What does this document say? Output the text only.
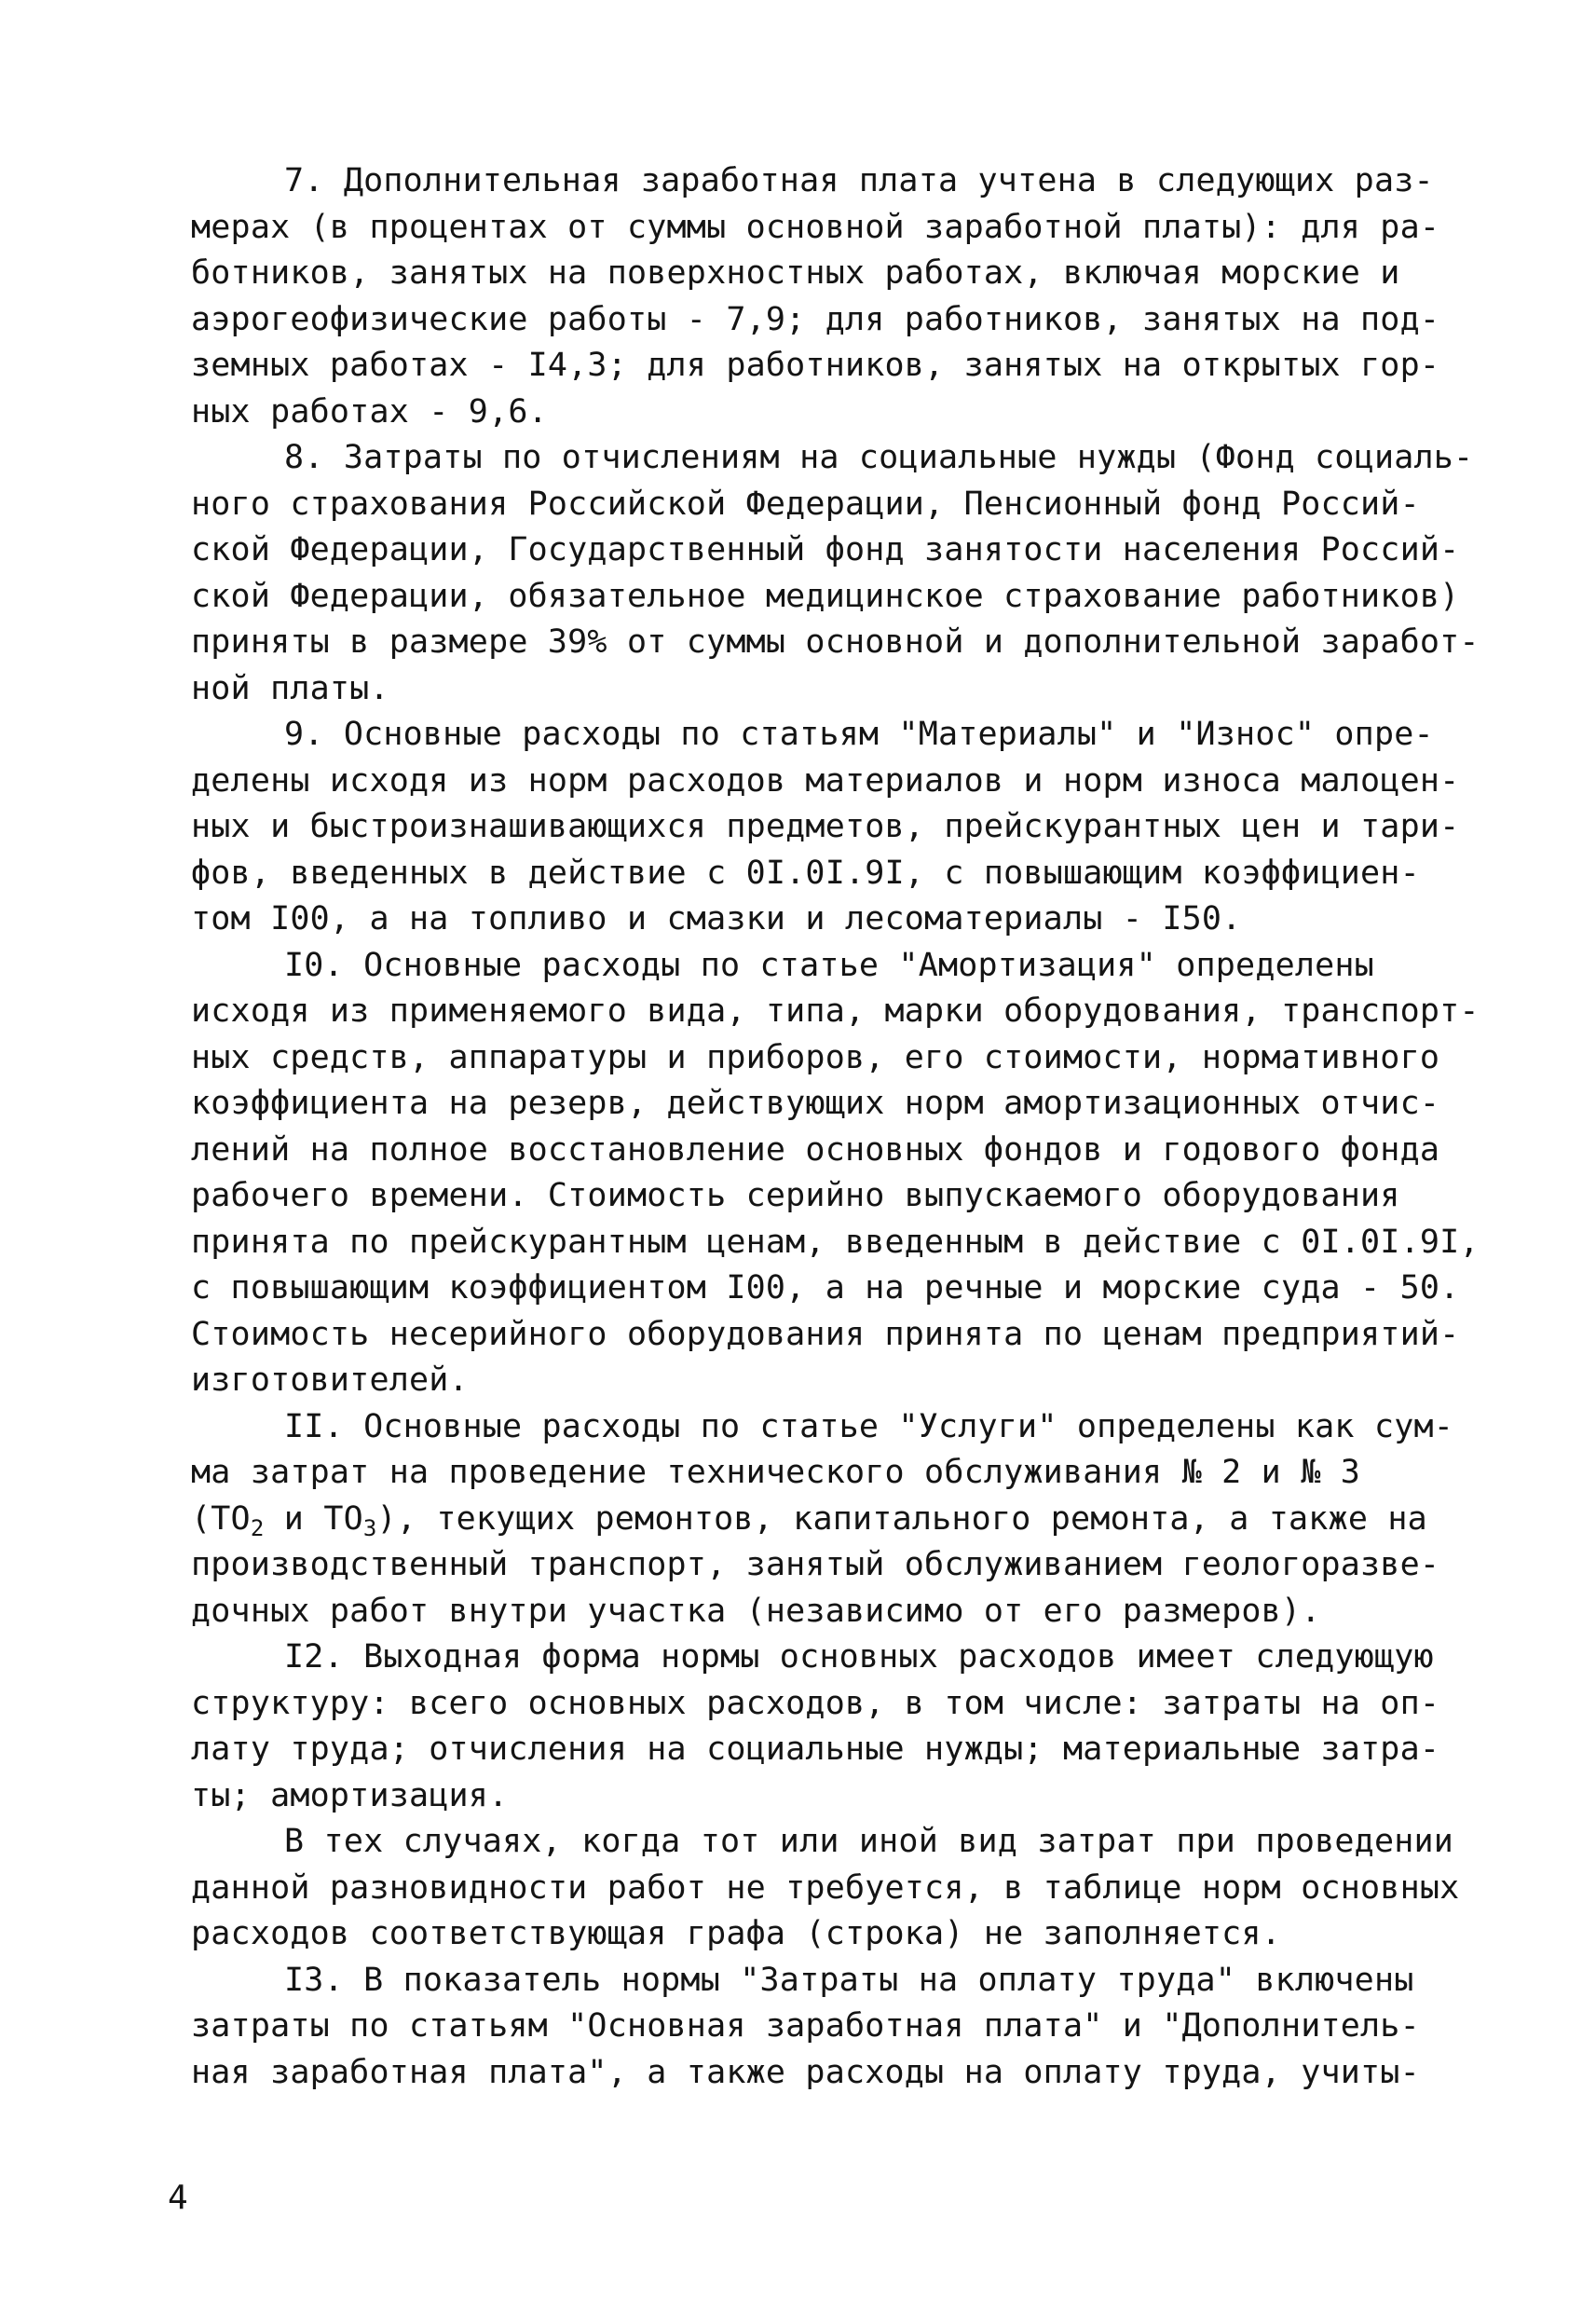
7. Дополнительная заработная плата учтена в следующих раз-
мерах (в процентах от суммы основной заработной платы): для ра-
ботников, занятых на поверхностных работах, включая морские и
аэрогеофизические работы - 7,9; для работников, занятых на под-
земных работах - I4,3; для работников, занятых на открытых гор-
ных работах - 9,6.
8. Затраты по отчислениям на социальные нужды (Фонд социаль-
ного страхования Российской Федерации, Пенсионный фонд Россий-
ской Федерации, Государственный фонд занятости населения Россий-
ской Федерации, обязательное медицинское страхование работников)
приняты в размере 39% от суммы основной и дополнительной заработ-
ной платы.
9. Основные расходы по статьям "Материалы" и "Износ" опре-
делены исходя из норм расходов материалов и норм износа малоцен-
ных и быстроизнашивающихся предметов, прейскурантных цен и тари-
фов, введенных в действие с 0I.0I.9I, с повышающим коэффициен-
том I00, а на топливо и смазки и лесоматериалы - I50.
I0. Основные расходы по статье "Амортизация" определены
исходя из применяемого вида, типа, марки оборудования, транспорт-
ных средств, аппаратуры и приборов, его стоимости, нормативного
коэффициента на резерв, действующих норм амортизационных отчис-
лений на полное восстановление основных фондов и годового фонда
рабочего времени. Стоимость серийно выпускаемого оборудования
принята по прейскурантным ценам, введенным в действие с 0I.0I.9I,
с повышающим коэффициентом I00, а на речные и морские суда - 50.
Стоимость несерийного оборудования принята по ценам предприятий-
изготовителей.
II. Основные расходы по статье "Услуги" определены как сум-
ма затрат на проведение технического обслуживания № 2 и № 3
($TO_2$ и $TO_3$), текущих ремонтов, капитального ремонта, а также на
производственный транспорт, занятый обслуживанием геологоразве-
дочных работ внутри участка (независимо от его размеров).
I2. Выходная форма нормы основных расходов имеет следующую
структуру: всего основных расходов, в том числе: затраты на оп-
лату труда; отчисления на социальные нужды; материальные затра-
ты; амортизация.
В тех случаях, когда тот или иной вид затрат при проведении
данной разновидности работ не требуется, в таблице норм основных
расходов соответствующая графа (строка) не заполняется.
I3. В показатель нормы "Затраты на оплату труда" включены
затраты по статьям "Основная заработная плата" и "Дополнитель-
ная заработная плата", а также расходы на оплату труда, учиты-
4
